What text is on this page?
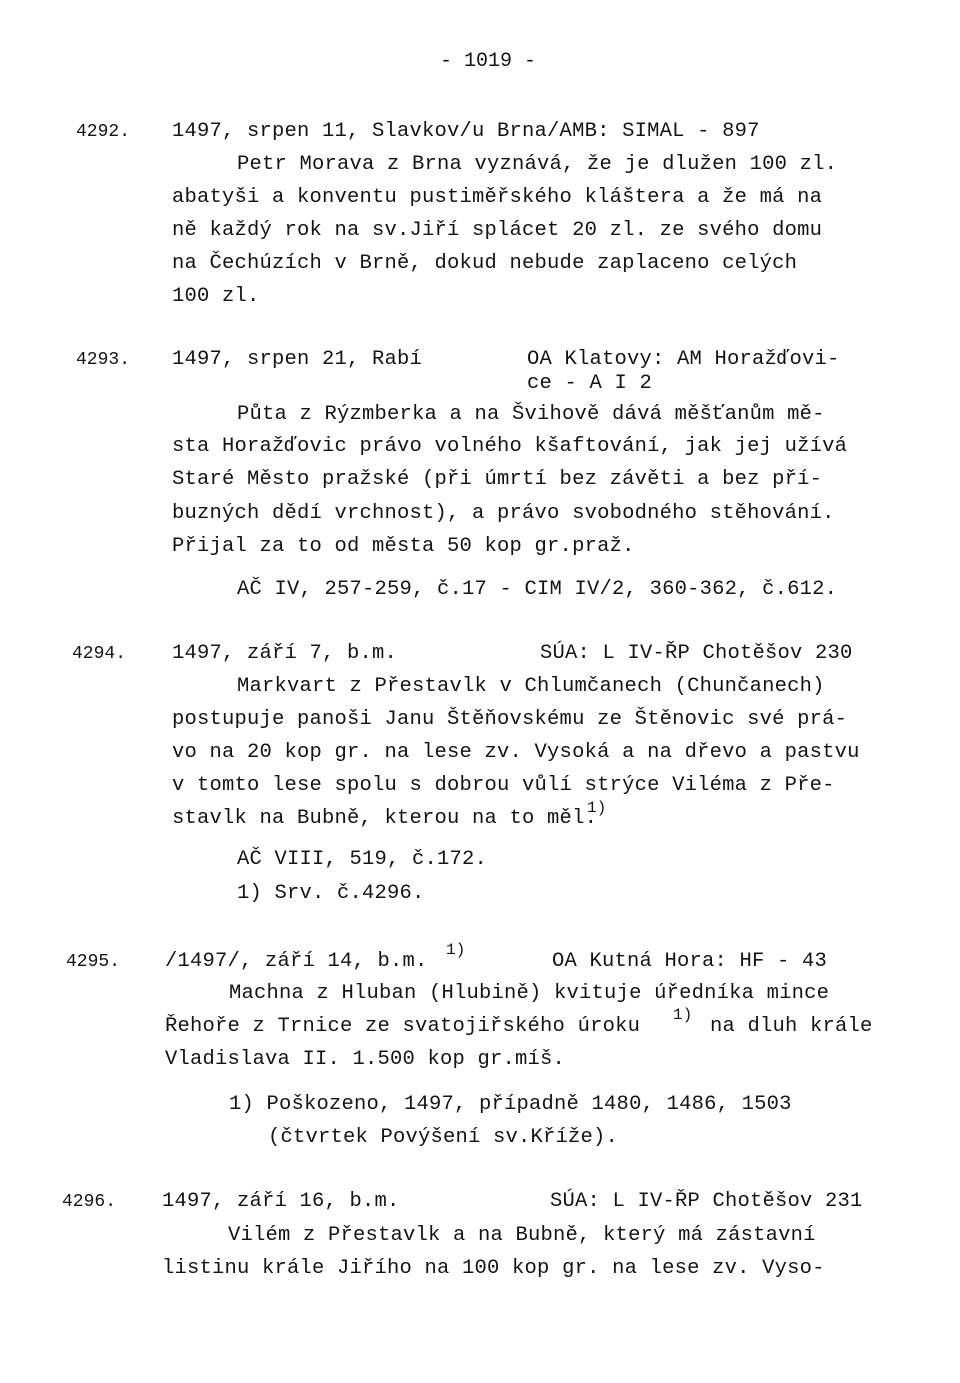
- 1019 -
4292. 1497, srpen 11, Slavkov/u Brna/AMB: SIMAL - 897
Petr Morava z Brna vyznává, že je dlužen 100 zl.
abatyši a konventu pustiměřského kláštera a že má na
ně každý rok na sv.Jiří splácet 20 zl. ze svého domu
na Čechúzích v Brně, dokud nebude zaplaceno celých
100 zl.
4293. 1497, srpen 21, Rabí	OA Klatovy: AM Horažďovi-
ce - A I 2
Půta z Rýzmberka a na Švihově dává měšťanům mě-
sta Horažďovic právo volného kšaftování, jak jej užívá
Staré Město pražské (při úmrtí bez závěti a bez pří-
buzných dědí vrchnost), a právo svobodného stěhování.
Přijal za to od města 50 kop gr.praž.
AČ IV, 257-259, č.17 - CIM IV/2, 360-362, č.612.
4294. 1497, září 7, b.m.	SÚA: L IV-ŘP Chotěšov 230
Markvart z Přestavlk v Chlumčanech (Chunčanech)
postupuje panoši Janu Štěňovskému ze Štěnovic své prá-
vo na 20 kop gr. na lese zv. Vysoká a na dřevo a pastvu
v tomto lese spolu s dobrou vůlí strýce Viléma z Pře-
stavlk na Bubně, kterou na to měl.
1)
AČ VIII, 519, č.172.
1) Srv. č.4296.
4295. /1497/, září 14, b.m. 1)	OA Kutná Hora: HF - 43
Machna z Hluban (Hlubině) kvituje úředníka mince
Řehoře z Trnice ze svatojiřského úroku 1) na dluh krále
Vladislava II. 1.500 kop gr.míš.
1) Poškozeno, 1497, případně 1480, 1486, 1503
(čtvrtek Povýšení sv.Kříže).
4296. 1497, září 16, b.m.	SÚA: L IV-ŘP Chotěšov 231
Vilém z Přestavlk a na Bubně, který má zástavní
listinu krále Jiřího na 100 kop gr. na lese zv. Vyso-
